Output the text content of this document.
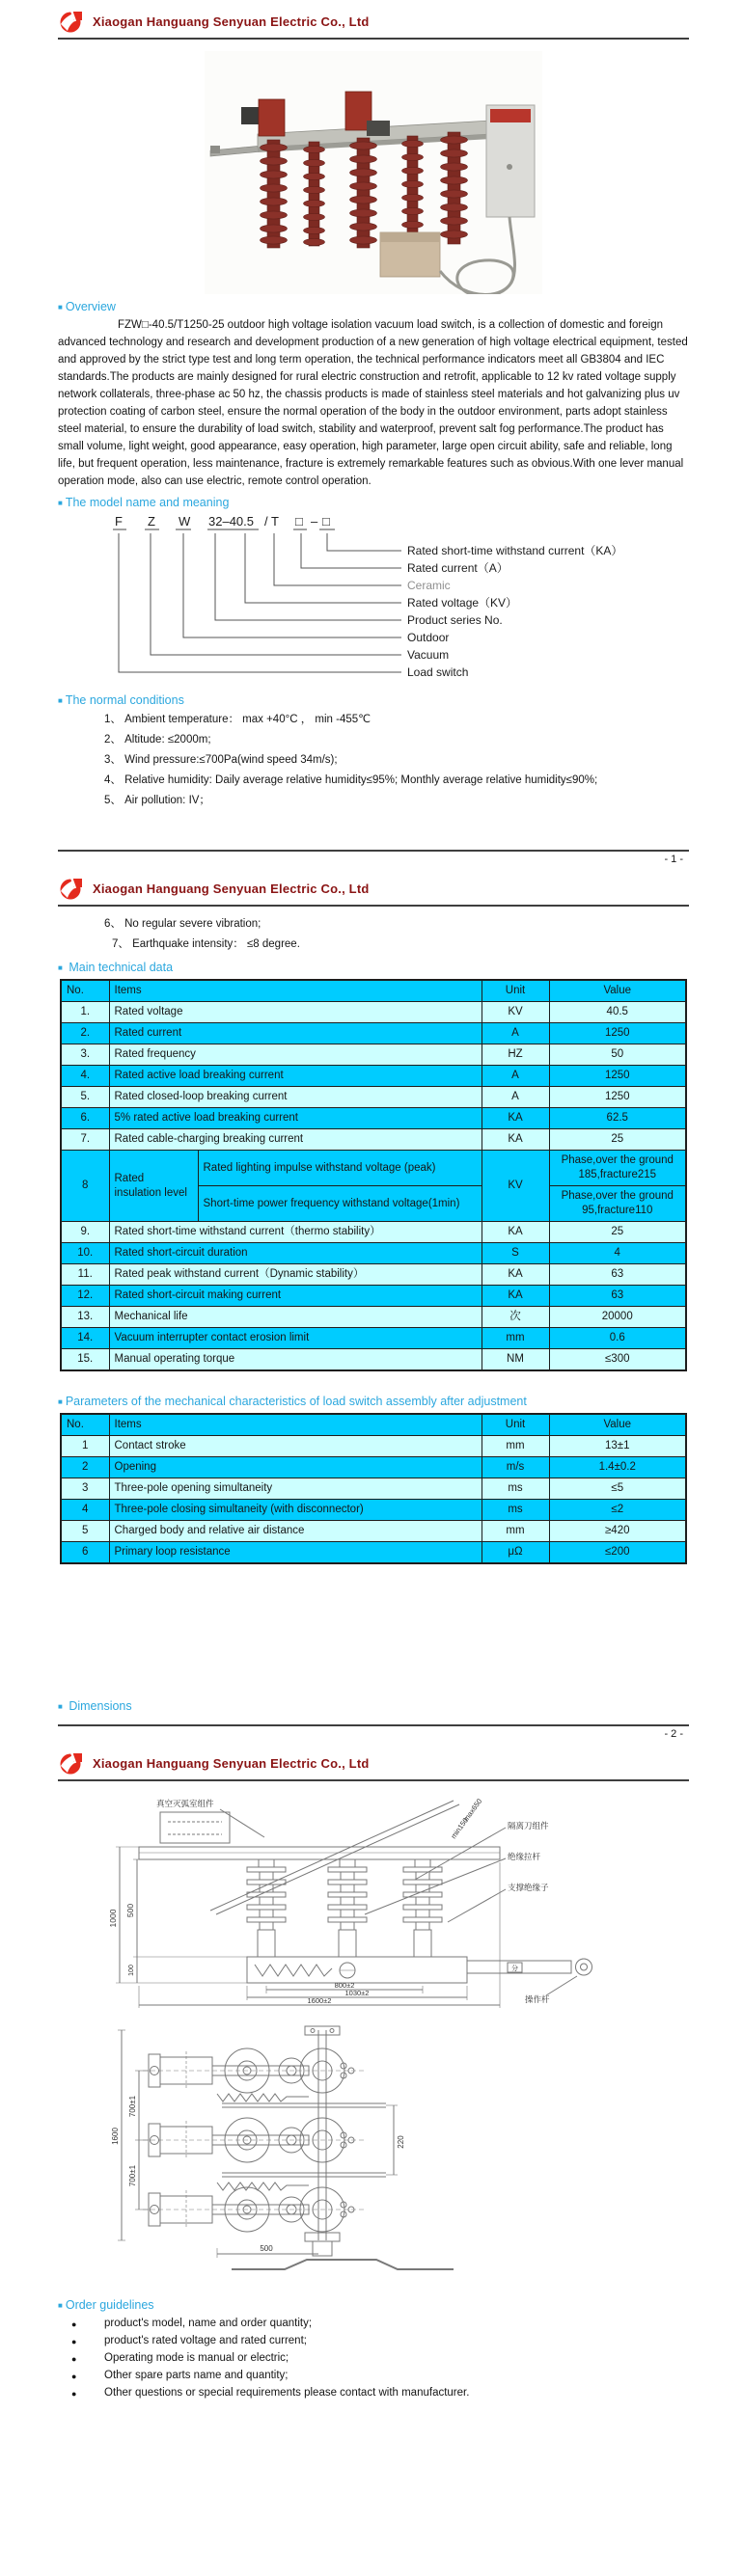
Xiaogan Hanguang Senyuan Electric Co., Ltd
■ Overview

FZW□-40.5/T1250-25 outdoor high voltage isolation vacuum load switch, is a collection of domestic and foreign advanced technology and research and development production of a new generation of high voltage electrical equipment, tested and approved by the strict type test and long term operation, the technical performance indicators meet all GB3804 and IEC standards.The products are mainly designed for rural electric construction and retrofit, applicable to 12 kv rated voltage supply network collaterals, three-phase ac 50 hz, the chassis products is made of stainless steel materials and hot galvanizing plus uv protection coating of carbon steel, ensure the normal operation of the body in the outdoor environment, parts adopt stainless steel material, to ensure the durability of load switch, stability and waterproof, prevent salt fog performance.The product has small volume, light weight, good appearance, easy operation, high parameter, large open circuit ability, safe and reliable, long life, but frequent operation, less maintenance, fracture is extremely remarkable features such as obvious.With one lever manual operation mode, also can use electric, remote control operation.

■ The model name and meaning
F Z W 32–40.5 / T □ – □
Rated short-time withstand current（KA）
Rated current（A）
Ceramic
Rated voltage（KV）
Product series No.
Outdoor
Vacuum
Load switch
■ The normal conditions
1、 Ambient temperature： max +40°C ， min -455℃
2、 Altitude: ≤2000m;
3、 Wind pressure:≤700Pa(wind speed 34m/s);
4、 Relative humidity: Daily average relative humidity≤95%; Monthly average relative humidity≤90%;
5、 Air pollution: IV；
- 1 -
Xiaogan Hanguang Senyuan Electric Co., Ltd
6、 No regular severe vibration;
7、 Earthquake intensity： ≤8 degree.
■ Main technical data
No.	Items		Unit	Value
1.	Rated voltage		KV	40.5
2.	Rated current		A	1250
3.	Rated frequency		HZ	50
4.	Rated active load breaking current		A	1250
5.	Rated closed-loop breaking current		A	1250
6.	5% rated active load breaking current		KA	62.5
7.	Rated cable-charging breaking current		KA	25
8	Rated insulation level	Rated lighting impulse withstand voltage (peak)	KV	Phase,over the ground 185,fracture215
		Short-time power frequency withstand voltage(1min)		Phase,over the ground 95,fracture110
9.	Rated short-time withstand current（thermo stability）		KA	25
10.	Rated short-circuit duration		S	4
11.	Rated peak withstand current（Dynamic stability）		KA	63
12.	Rated short-circuit making current		KA	63
13.	Mechanical life		次	20000
14.	Vacuum interrupter contact erosion limit		mm	0.6
15.	Manual operating torque		NM	≤300
■ Parameters of the mechanical characteristics of load switch assembly after adjustment
No.	Items	Unit	Value
1	Contact stroke	mm	13±1
2	Opening	m/s	1.4±0.2
3	Three-pole opening simultaneity	ms	≤5
4	Three-pole closing simultaneity (with disconnector)	ms	≤2
5	Charged body and relative air distance	mm	≥420
6	Primary loop resistance	μΩ	≤200
■ Dimensions
- 2 -
Xiaogan Hanguang Senyuan Electric Co., Ltd
真空灭弧室组件
隔离刀组件
绝缘拉杆
支撑绝缘子
操作杆
分
max650
min150
1000 500
100
800±2
1030±2
1600±2
1600
700±1
700±1
220
500
■ Order guidelines
●	product's model, name and order quantity;
●	product's rated voltage and rated current;
●	Operating mode is manual or electric;
●	Other spare parts name and quantity;
●	Other questions or special requirements please contact with manufacturer.
